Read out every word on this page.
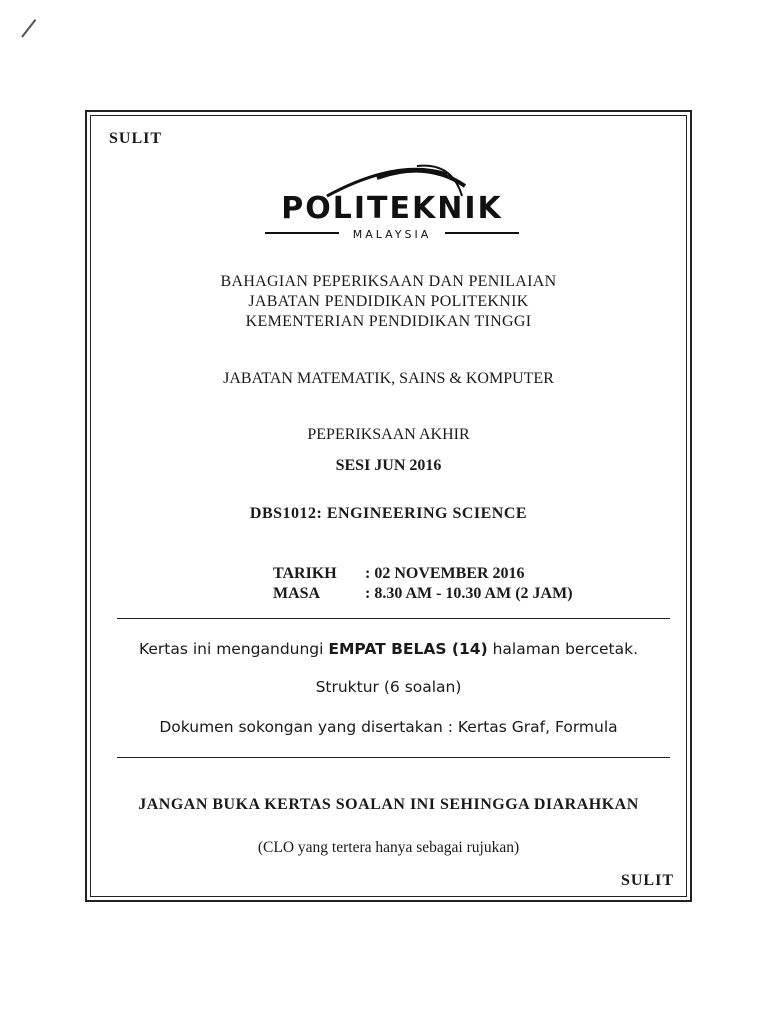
SULIT
POLITEKNIK
MALAYSIA
BAHAGIAN PEPERIKSAAN DAN PENILAIAN
JABATAN PENDIDIKAN POLITEKNIK
KEMENTERIAN PENDIDIKAN TINGGI
JABATAN MATEMATIK, SAINS & KOMPUTER
PEPERIKSAAN AKHIR
SESI JUN 2016
DBS1012: ENGINEERING SCIENCE
TARIKH	: 02 NOVEMBER 2016
MASA	: 8.30 AM - 10.30 AM (2 JAM)
Kertas ini mengandungi EMPAT BELAS (14) halaman bercetak.
Struktur (6 soalan)
Dokumen sokongan yang disertakan : Kertas Graf, Formula
JANGAN BUKA KERTAS SOALAN INI SEHINGGA DIARAHKAN
(CLO yang tertera hanya sebagai rujukan)
SULIT
